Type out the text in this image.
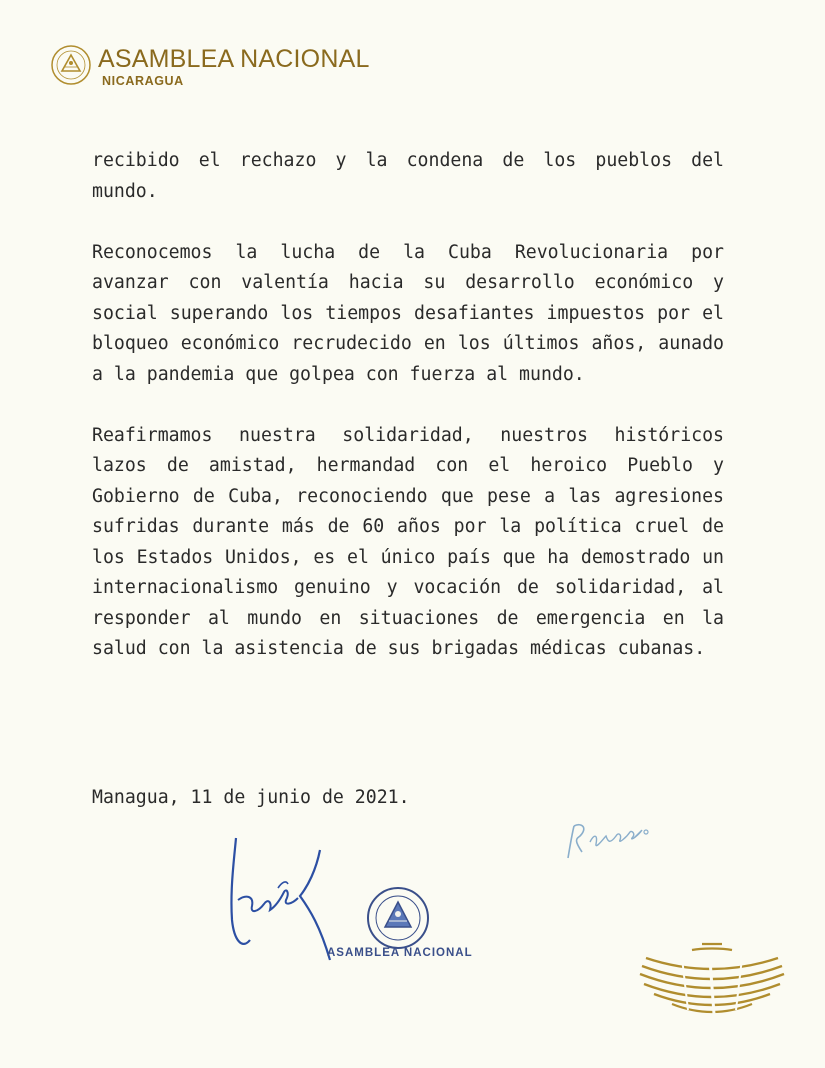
ASAMBLEA NACIONAL
NICARAGUA

recibido el rechazo y la condena de los pueblos del mundo.

Reconocemos la lucha de la Cuba Revolucionaria por avanzar con valentía hacia su desarrollo económico y social superando los tiempos desafiantes impuestos por el bloqueo económico recrudecido en los últimos años, aunado a la pandemia que golpea con fuerza al mundo.

Reafirmamos nuestra solidaridad, nuestros históricos lazos de amistad, hermandad con el heroico Pueblo y Gobierno de Cuba, reconociendo que pese a las agresiones sufridas durante más de 60 años por la política cruel de los Estados Unidos, es el único país que ha demostrado un internacionalismo genuino y vocación de solidaridad, al responder al mundo en situaciones de emergencia en la salud con la asistencia de sus brigadas médicas cubanas.

Managua, 11 de junio de 2021.
ASAMBLEA NACIONAL
